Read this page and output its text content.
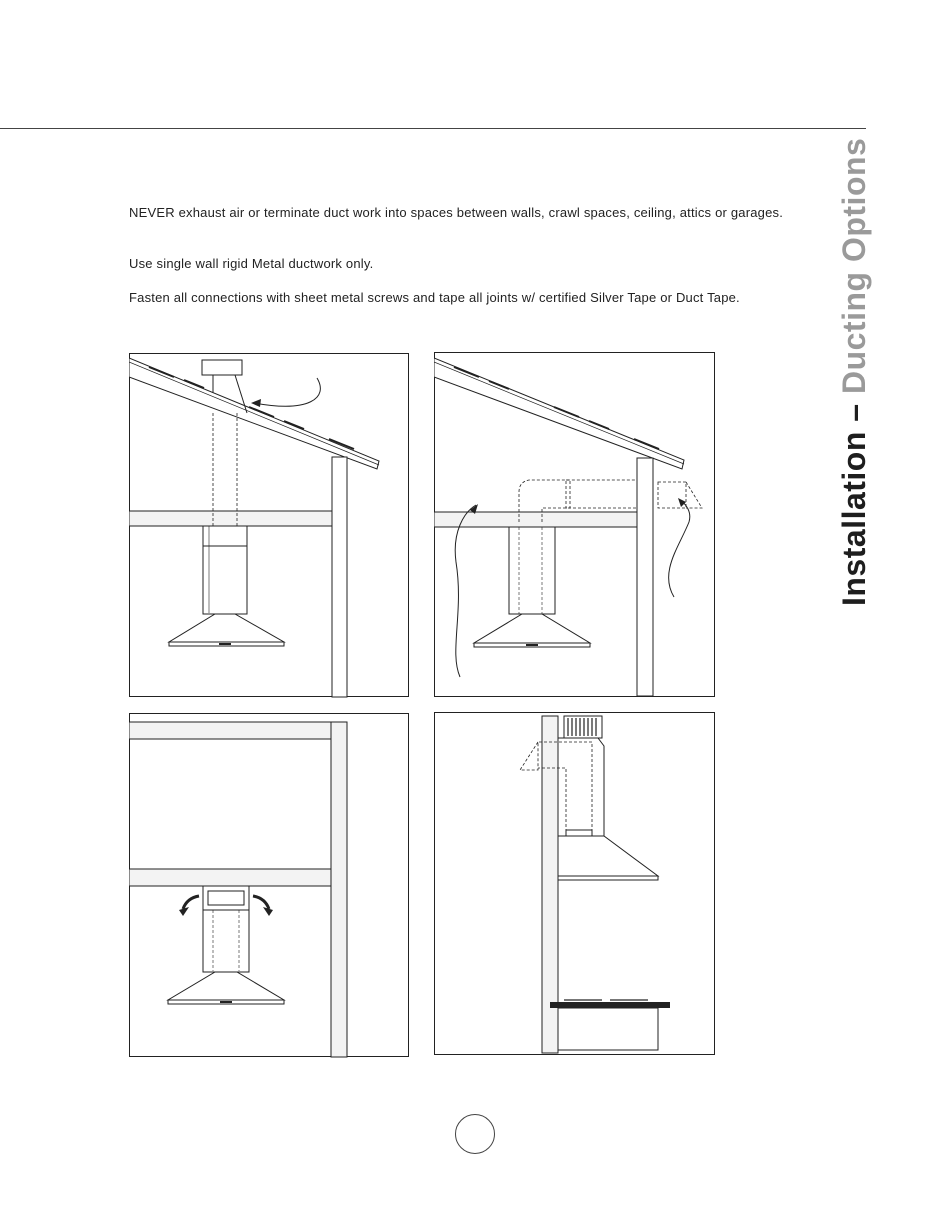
Installation – Ducting Options
NEVER exhaust air or terminate duct work into spaces between walls, crawl spaces, ceiling, attics or garages.
Use single wall rigid Metal ductwork only.
Fasten all connections with sheet metal screws and tape all joints w/ certified Silver Tape or Duct Tape.
